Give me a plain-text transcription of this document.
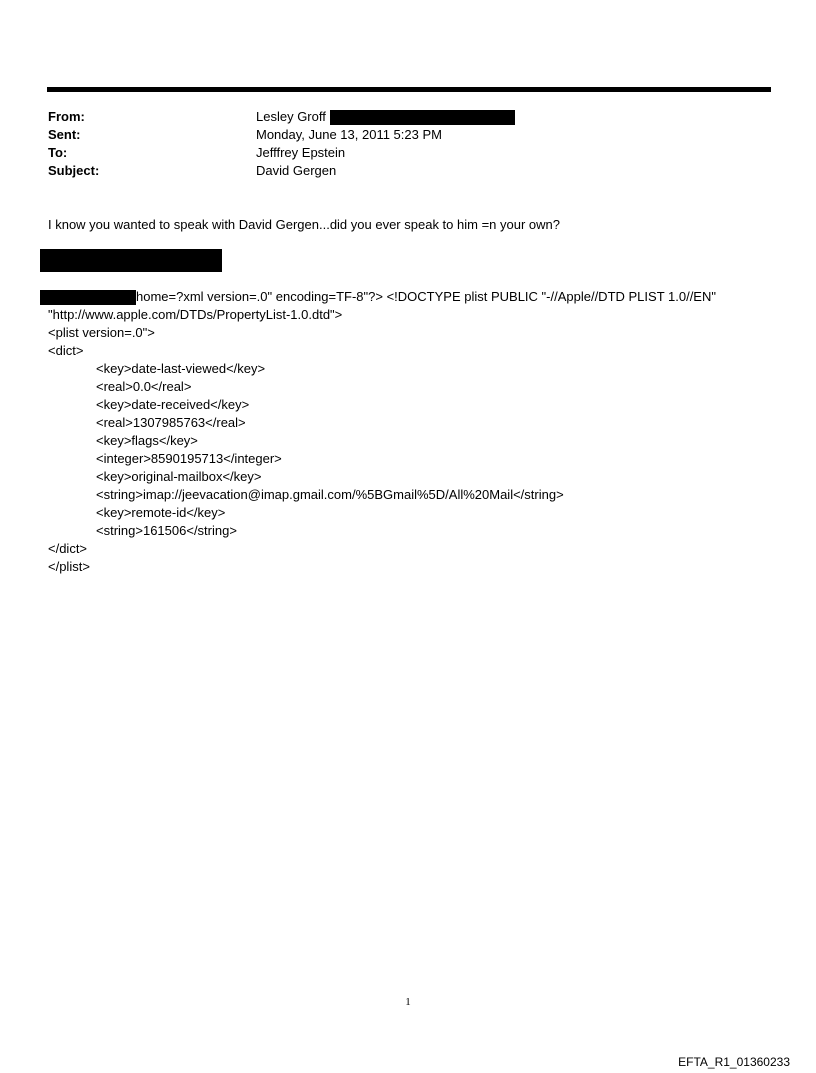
From:	Lesley Groff
Sent:	Monday, June 13, 2011 5:23 PM
To:	Jefffrey Epstein
Subject:	David Gergen
I know you wanted to speak with David Gergen...did you ever speak to him =n your own?
home=?xml version=.0" encoding=TF-8"?> <!DOCTYPE plist PUBLIC "-//Apple//DTD PLIST 1.0//EN"
"http://www.apple.com/DTDs/PropertyList-1.0.dtd">
<plist version=.0">
<dict>
<key>date-last-viewed</key>
<real>0.0</real>
<key>date-received</key>
<real>1307985763</real>
<key>flags</key>
<integer>8590195713</integer>
<key>original-mailbox</key>
<string>imap://jeevacation@imap.gmail.com/%5BGmail%5D/All%20Mail</string>
<key>remote-id</key>
<string>161506</string>
</dict>
</plist>
1
EFTA_R1_01360233
